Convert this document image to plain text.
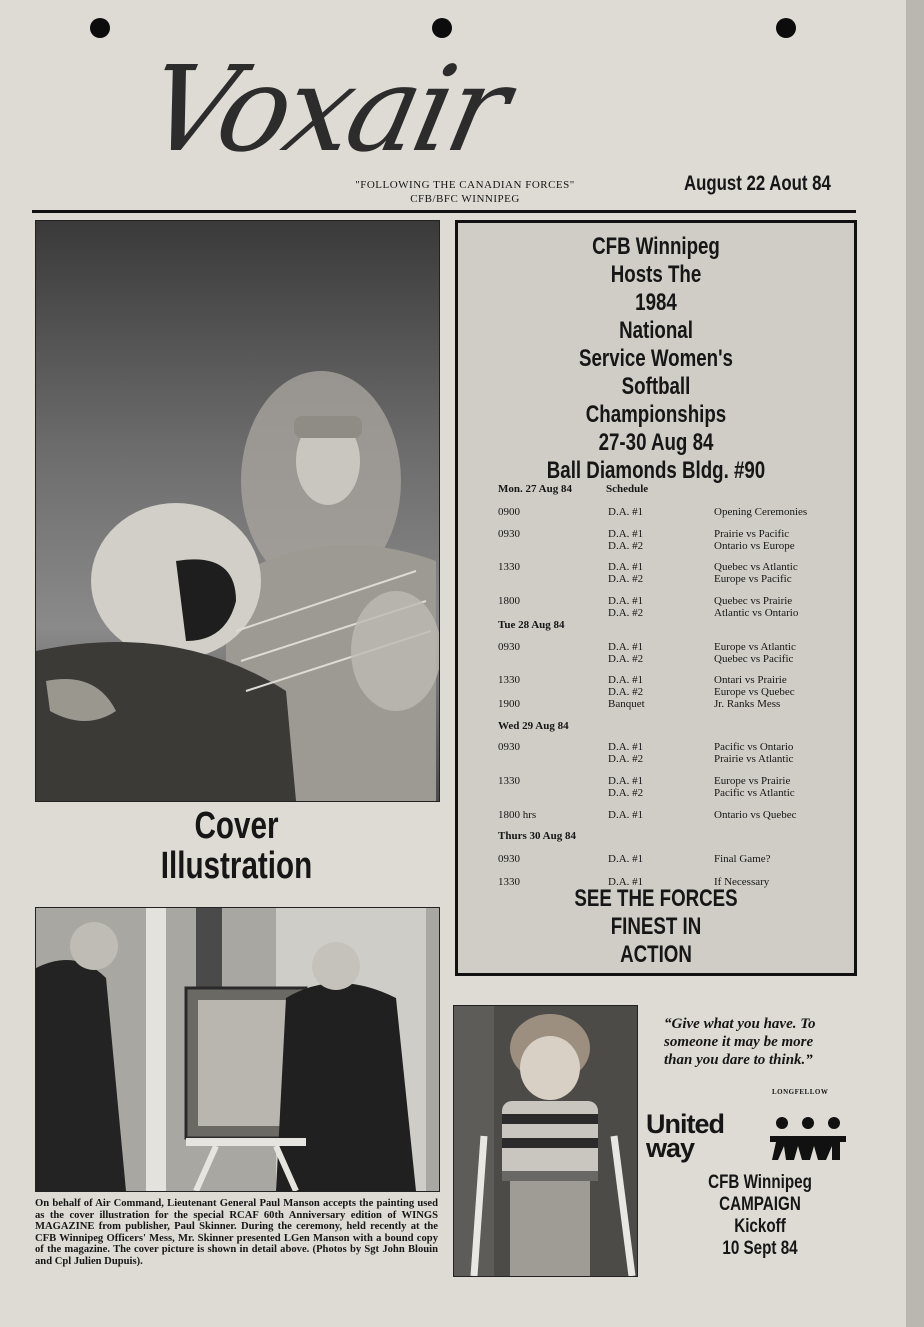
Voxair
"FOLLOWING THE CANADIAN FORCES"
CFB/BFC WINNIPEG
August 22 Aout 84
Cover
Illustration
On behalf of Air Command, Lieutenant General Paul Manson accepts the painting used as the cover illustration for the special RCAF 60th Anniversary edition of WINGS MAGAZINE from publisher, Paul Skinner. During the ceremony, held recently at the CFB Winnipeg Officers' Mess, Mr. Skinner presented LGen Manson with a bound copy of the magazine. The cover picture is shown in detail above. (Photos by Sgt John Blouin and Cpl Julien Dupuis).
CFB Winnipeg
Hosts The
1984
National
Service Women's
Softball
Championships
27-30 Aug 84
Ball Diamonds Bldg. #90
Mon. 27 Aug 84	Schedule
0900	D.A. #1	Opening Ceremonies
0930	D.A. #1	Prairie vs Pacific
D.A. #2	Ontario vs Europe
1330	D.A. #1	Quebec vs Atlantic
D.A. #2	Europe vs Pacific
1800	D.A. #1	Quebec vs Prairie
D.A. #2	Atlantic vs Ontario
Tue 28 Aug 84
0930	D.A. #1	Europe vs Atlantic
D.A. #2	Quebec vs Pacific
1330	D.A. #1	Ontari vs Prairie
D.A. #2	Europe vs Quebec
1900	Banquet	Jr. Ranks Mess
Wed 29 Aug 84
0930	D.A. #1	Pacific vs Ontario
D.A. #2	Prairie vs Atlantic
1330	D.A. #1	Europe vs Prairie
D.A. #2	Pacific vs Atlantic
1800 hrs	D.A. #1	Ontario vs Quebec
Thurs 30 Aug 84
0930	D.A. #1	Final Game?
1330	D.A. #1	If Necessary
SEE THE FORCES
FINEST IN
ACTION
“Give what you have. To someone it may be more than you dare to think.”
LONGFELLOW
United
way
CFB Winnipeg
CAMPAIGN
Kickoff
10 Sept 84
